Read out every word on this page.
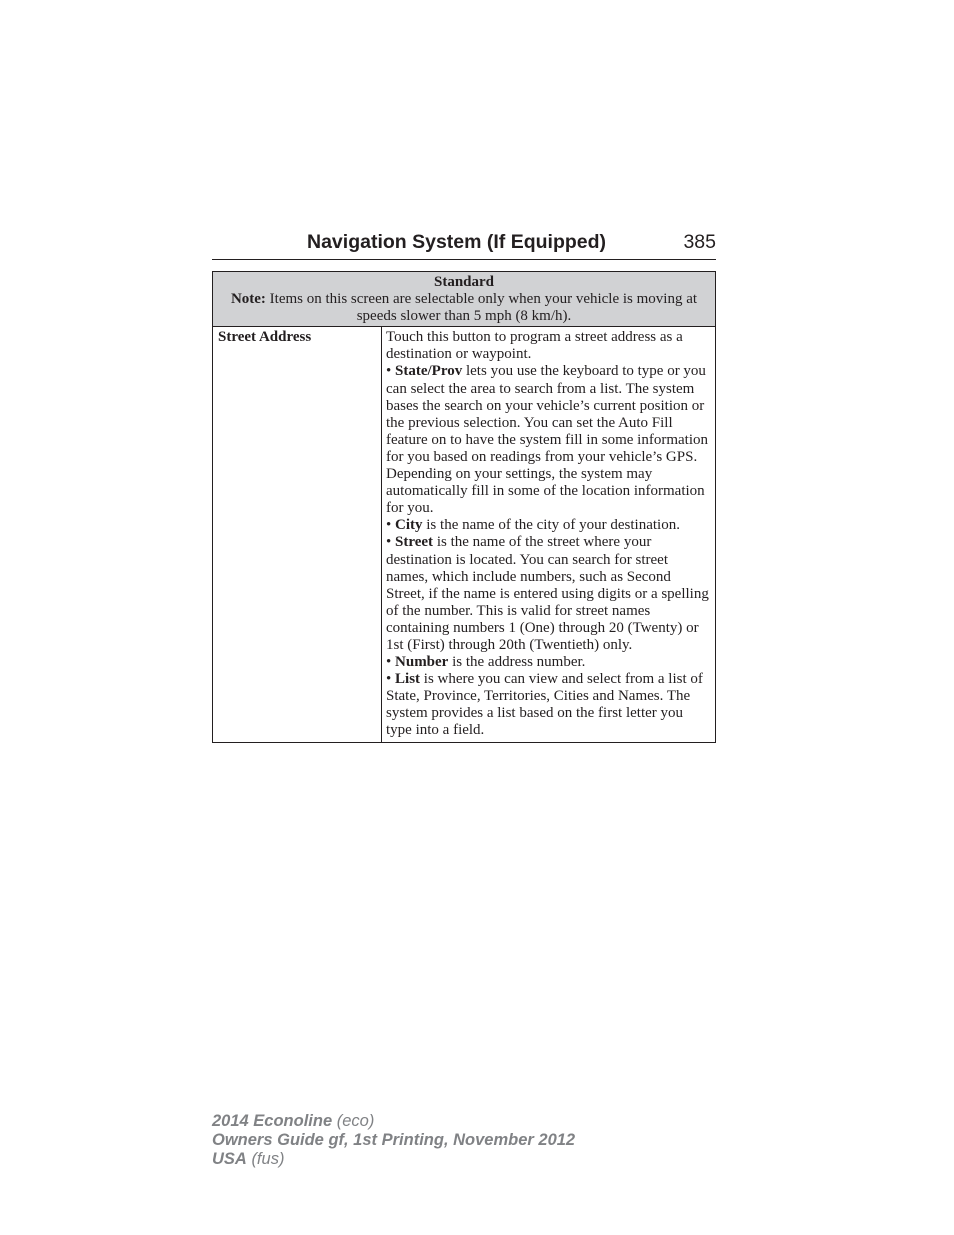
Navigation System (If Equipped)	385
Standard
Note: Items on this screen are selectable only when your vehicle is moving at speeds slower than 5 mph (8 km/h).
Street Address	Touch this button to program a street address as a destination or waypoint.

• State/Prov lets you use the keyboard to type or you can select the area to search from a list. The system bases the search on your vehicle’s current position or the previous selection. You can set the Auto Fill feature on to have the system fill in some information for you based on readings from your vehicle’s GPS. Depending on your settings, the system may automatically fill in some of the location information for you.

• City is the name of the city of your destination.

• Street is the name of the street where your destination is located. You can search for street names, which include numbers, such as Second Street, if the name is entered using digits or a spelling of the number. This is valid for street names containing numbers 1 (One) through 20 (Twenty) or 1st (First) through 20th (Twentieth) only.

• Number is the address number.

• List is where you can view and select from a list of State, Province, Territories, Cities and Names. The system provides a list based on the first letter you type into a field.

2014 Econoline (eco)
Owners Guide gf, 1st Printing, November 2012
USA (fus)
